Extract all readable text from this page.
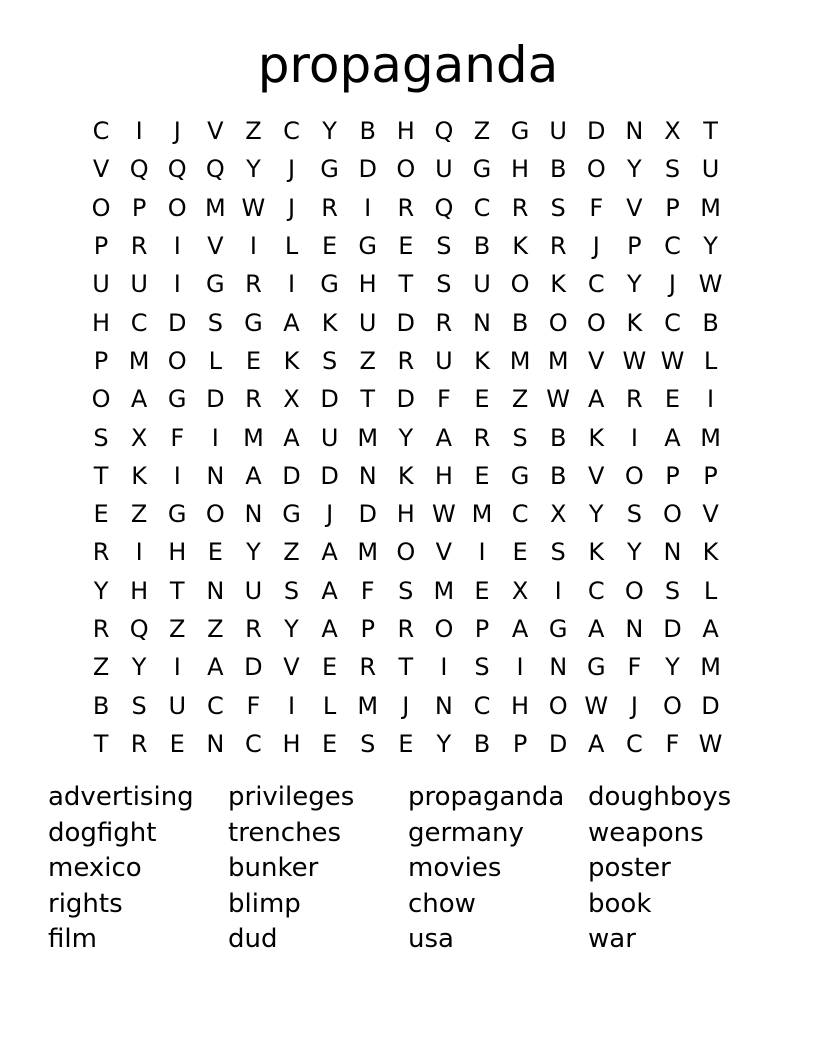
propaganda
C	I	J	V Z C Y B H Q Z G U D N X T
V Q Q Q Y	J	G D O U G H B O Y S U
O P O M W J	R	I	R Q C R S F V P M
P R	I	V	I	L E G E S B K R	J	P C Y
U U	I	G R	I	G H T S U O K C Y	J W
H C D S G A K U D R N B O O K C B
P M O L E K S Z R U K M M V W W L
O A G D R X D T D F E Z W A R E	I
S X F	I	M A U M Y A R S B K	I	A M
T K	I	N A D D N K H E G B V O P P
E Z G O N G	J	D H W M C X Y S O V
R	I	H E Y Z A M O V	I	E S K Y N K
Y H T N U S A F S M E X	I	C O S L
R Q Z Z R Y A P R O P A G A N D A
Z Y	I	A D V E R T	I	S	I	N G F Y M
B S U C F	I	L M	J	N C H O W J	O D
T R E N C H E S E Y B P D A C F W
advertising
dogfight
mexico
rights
film
privileges
trenches
bunker
blimp
dud
propaganda
germany
movies
chow
usa
doughboys
weapons
poster
book
war
